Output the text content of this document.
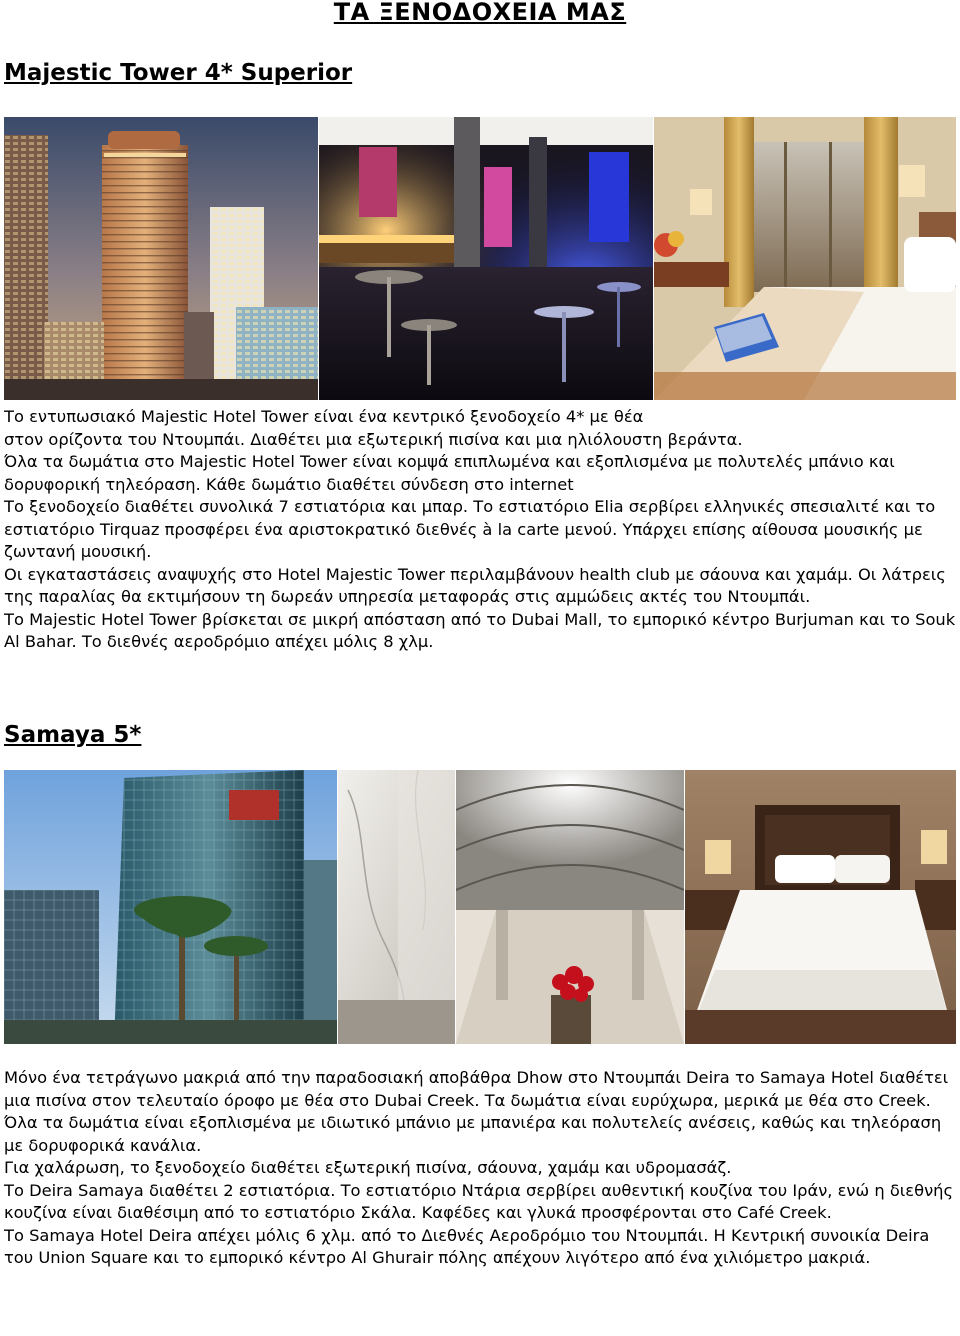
ΤΑ ΞΕΝΟΔΟΧΕΙΑ ΜΑΣ
Majestic Tower 4* Superior

Το εντυπωσιακό Majestic Hotel Tower είναι ένα κεντρικό ξενοδοχείο 4* με θέα

στον ορίζοντα του Ντουμπάι. Διαθέτει μια εξωτερική πισίνα και μια ηλιόλουστη βεράντα.

Όλα τα δωμάτια στο Majestic Hotel Tower είναι κομψά επιπλωμένα και εξοπλισμένα με πολυτελές μπάνιο και δορυφορική τηλεόραση. Κάθε δωμάτιο διαθέτει σύνδεση στο internet

Το ξενοδοχείο διαθέτει συνολικά 7 εστιατόρια και μπαρ. Το εστιατόριο Elia σερβίρει ελληνικές σπεσιαλιτέ και το εστιατόριο Tirquaz προσφέρει ένα αριστοκρατικό διεθνές à la carte μενού. Υπάρχει επίσης αίθουσα μουσικής με ζωντανή μουσική.

Οι εγκαταστάσεις αναψυχής στο Hotel Majestic Tower περιλαμβάνουν health club με σάουνα και χαμάμ. Οι λάτρεις της παραλίας θα εκτιμήσουν τη δωρεάν υπηρεσία μεταφοράς στις αμμώδεις ακτές του Ντουμπάι.

Το Majestic Hotel Tower βρίσκεται σε μικρή απόσταση από το Dubai Mall, το εμπορικό κέντρο Burjuman και το Souk Al Bahar. Το διεθνές αεροδρόμιο απέχει μόλις 8 χλμ.

Samaya 5*

Μόνο ένα τετράγωνο μακριά από την παραδοσιακή αποβάθρα Dhow στο Ντουμπάι Deira το Samaya Hotel διαθέτει μια πισίνα στον τελευταίο όροφο με θέα στο Dubai Creek. Τα δωμάτια είναι ευρύχωρα, μερικά με θέα στο Creek.

Όλα τα δωμάτια είναι εξοπλισμένα με ιδιωτικό μπάνιο με μπανιέρα και πολυτελείς ανέσεις, καθώς και τηλεόραση με δορυφορικά κανάλια.

Για χαλάρωση, το ξενοδοχείο διαθέτει εξωτερική πισίνα, σάουνα, χαμάμ και υδρομασάζ.

Το Deira Samaya διαθέτει 2 εστιατόρια. Το εστιατόριο Ντάρια σερβίρει αυθεντική κουζίνα του Ιράν, ενώ η διεθνής κουζίνα είναι διαθέσιμη από το εστιατόριο Σκάλα. Καφέδες και γλυκά προσφέρονται στο Café Creek.

Το Samaya Hotel Deira απέχει μόλις 6 χλμ. από το Διεθνές Αεροδρόμιο του Ντουμπάι. Η Κεντρική συνοικία Deira του Union Square και το εμπορικό κέντρο Al Ghurair πόλης απέχουν λιγότερο από ένα χιλιόμετρο μακριά.
